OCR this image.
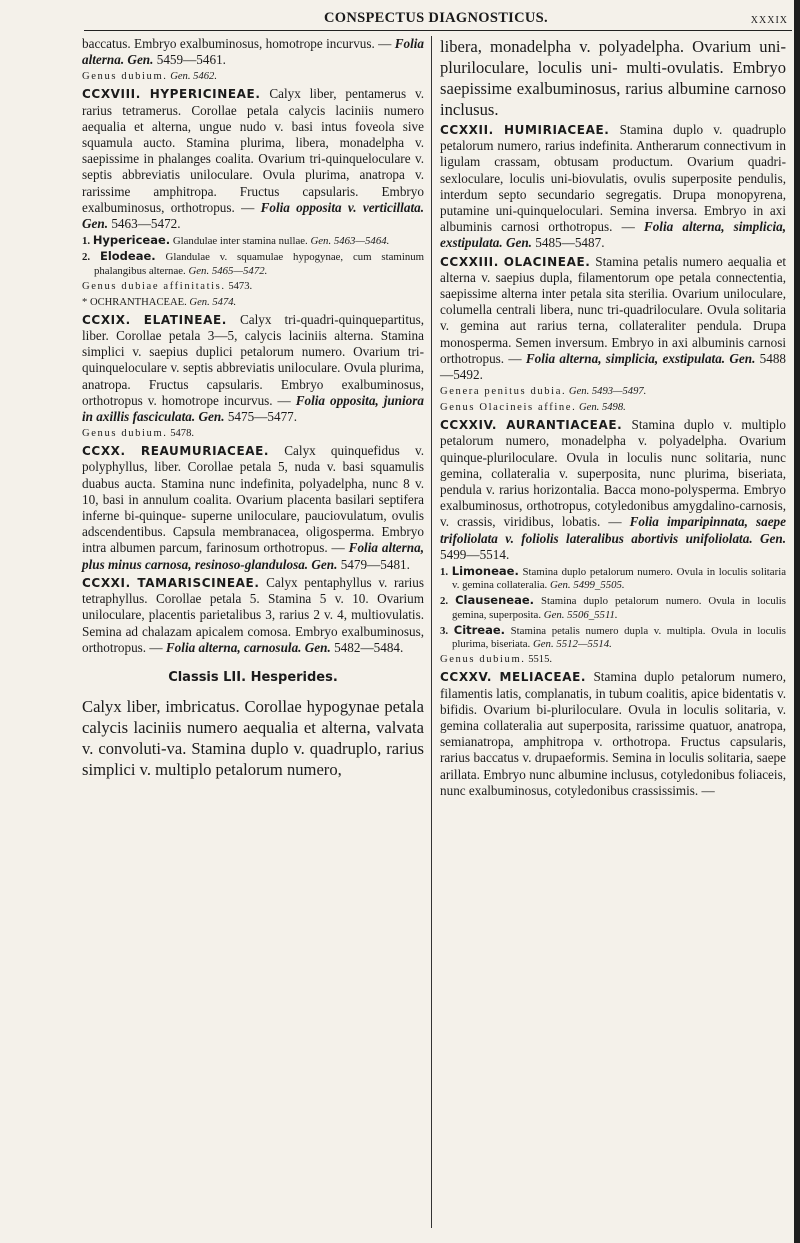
CONSPECTUS DIAGNOSTICUS.	XXXIX

baccatus. Embryo exalbuminosus, homotrope incurvus. — Folia alterna. Gen. 5459—5461.

Genus dubium. Gen. 5462.

CCXVIII. HYPERICINEAE. Calyx liber, pentamerus v. rarius tetramerus. Corollae petala calycis laciniis numero aequalia et alterna, ungue nudo v. basi intus foveola sive squamula aucto. Stamina plurima, libera, monadelpha v. saepissime in phalanges coalita. Ovarium tri-quinqueloculare v. septis abbreviatis uniloculare. Ovula plurima, anatropa v. rarissime amphitropa. Fructus capsularis. Embryo exalbuminosus, orthotropus. — Folia opposita v. verticillata. Gen. 5463—5472.

1. Hypericeae. Glandulae inter stamina nullae. Gen. 5463—5464.

2. Elodeae. Glandulae v. squamulae hypogynae, cum staminum phalangibus alternae. Gen. 5465—5472.

Genus dubiae affinitatis. 5473.

* OCHRANTHACEAE. Gen. 5474.

CCXIX. ELATINEAE. Calyx tri-quadri-quinquepartitus, liber. Corollae petala 3—5, calycis laciniis alterna. Stamina simplici v. saepius duplici petalorum numero. Ovarium tri-quinqueloculare v. septis abbreviatis uniloculare. Ovula plurima, anatropa. Fructus capsularis. Embryo exalbuminosus, orthotropus v. homotrope incurvus. — Folia opposita, juniora in axillis fasciculata. Gen. 5475—5477.

Genus dubium. 5478.

CCXX. REAUMURIACEAE. Calyx quinquefidus v. polyphyllus, liber. Corollae petala 5, nuda v. basi squamulis duabus aucta. Stamina nunc indefinita, polyadelpha, nunc 8 v. 10, basi in annulum coalita. Ovarium placenta basilari septifera inferne bi-quinque- superne uniloculare, pauciovulatum, ovulis adscendentibus. Capsula membranacea, oligosperma. Embryo intra albumen parcum, farinosum orthotropus. — Folia alterna, plus minus carnosa, resinoso-glandulosa. Gen. 5479—5481.

CCXXI. TAMARISCINEAE. Calyx pentaphyllus v. rarius tetraphyllus. Corollae petala 5. Stamina 5 v. 10. Ovarium uniloculare, placentis parietalibus 3, rarius 2 v. 4, multiovulatis. Semina ad chalazam apicalem comosa. Embryo exalbuminosus, orthotropus. — Folia alterna, carnosula. Gen. 5482—5484.

Classis LII. Hesperides.

Calyx liber, imbricatus. Corollae hypogynae petala calycis laciniis numero aequalia et alterna, valvata v. convoluti-va. Stamina duplo v. quadruplo, rarius simplici v. multiplo petalorum numero,

libera, monadelpha v. polyadelpha. Ovarium uni-pluriloculare, loculis uni- multi-ovulatis. Embryo saepissime exalbuminosus, rarius albumine carnoso inclusus.

CCXXII. HUMIRIACEAE. Stamina duplo v. quadruplo petalorum numero, rarius indefinita. Antherarum connectivum in ligulam crassam, obtusam productum. Ovarium quadri-sexloculare, loculis uni-biovulatis, ovulis superposite pendulis, interdum septo secundario segregatis. Drupa monopyrena, putamine uni-quinqueloculari. Semina inversa. Embryo in axi albuminis carnosi orthotropus. — Folia alterna, simplicia, exstipulata. Gen. 5485—5487.

CCXXIII. OLACINEAE. Stamina petalis numero aequalia et alterna v. saepius dupla, filamentorum ope petala connectentia, saepissime alterna inter petala sita sterilia. Ovarium uniloculare, columella centrali libera, nunc tri-quadriloculare. Ovula solitaria v. gemina aut rarius terna, collateraliter pendula. Drupa monosperma. Semen inversum. Embryo in axi albuminis carnosi orthotropus. — Folia alterna, simplicia, exstipulata. Gen. 5488—5492.

Genera penitus dubia. Gen. 5493—5497.

Genus Olacineis affine. Gen. 5498.

CCXXIV. AURANTIACEAE. Stamina duplo v. multiplo petalorum numero, monadelpha v. polyadelpha. Ovarium quinque-pluriloculare. Ovula in loculis nunc solitaria, nunc gemina, collateralia v. superposita, nunc plurima, biseriata, pendula v. rarius horizontalia. Bacca mono-polysperma. Embryo exalbuminosus, orthotropus, cotyledonibus amygdalino-carnosis, v. crassis, viridibus, lobatis. — Folia imparipinnata, saepe trifoliolata v. foliolis lateralibus abortivis unifoliolata. Gen. 5499—5514.

1. Limoneae. Stamina duplo petalorum numero. Ovula in loculis solitaria v. gemina collateralia. Gen. 5499_5505.

2. Clauseneae. Stamina duplo petalorum numero. Ovula in loculis gemina, superposita. Gen. 5506_5511.

3. Citreae. Stamina petalis numero dupla v. multipla. Ovula in loculis plurima, biseriata. Gen. 5512—5514.

Genus dubium. 5515.

CCXXV. MELIACEAE. Stamina duplo petalorum numero, filamentis latis, complanatis, in tubum coalitis, apice bidentatis v. bifidis. Ovarium bi-pluriloculare. Ovula in loculis solitaria, v. gemina collateralia aut superposita, rarissime quatuor, anatropa, semianatropa, amphitropa v. orthotropa. Fructus capsularis, rarius baccatus v. drupaeformis. Semina in loculis solitaria, saepe arillata. Embryo nunc albumine inclusus, cotyledonibus foliaceis, nunc exalbuminosus, cotyledonibus crassissimis. —
